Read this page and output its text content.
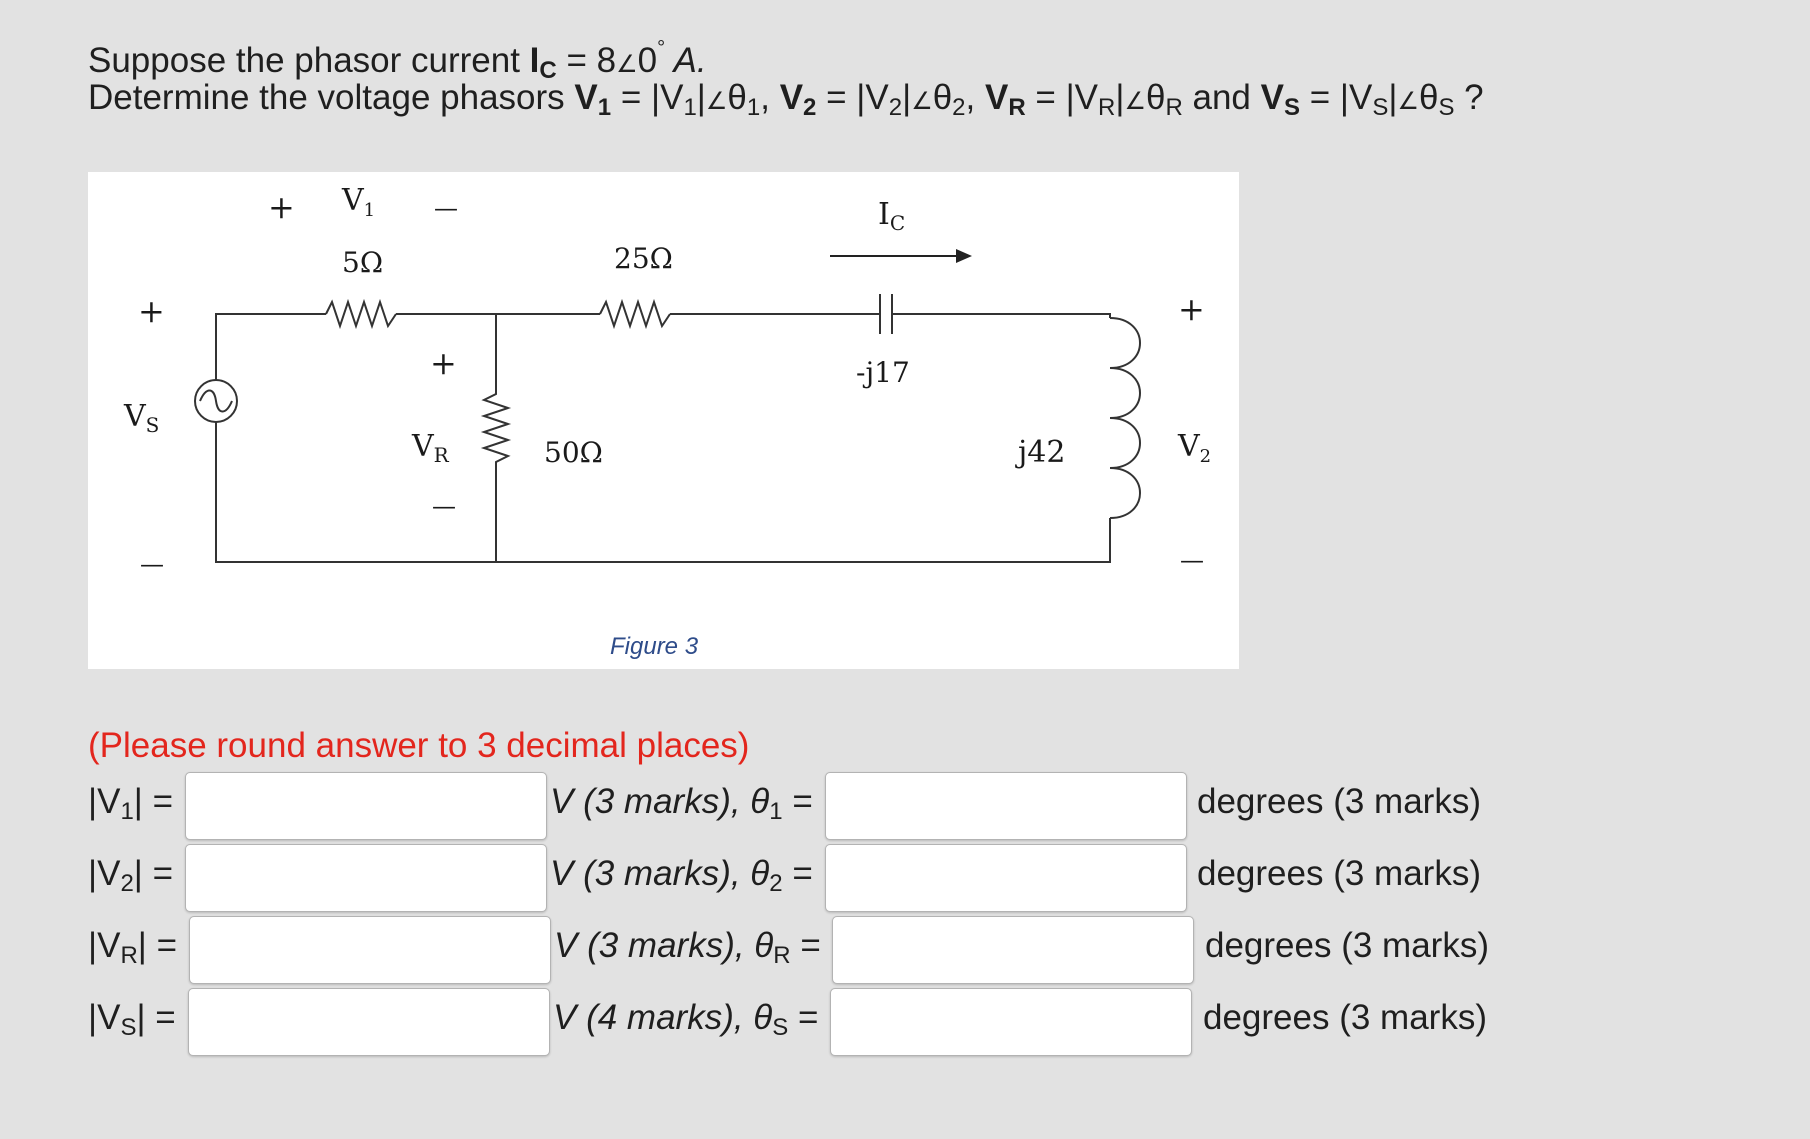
Suppose the phasor current $I_C$ = 8∠0° A.
Determine the voltage phasors $V_1$ = $|V_1|\angle\theta_1$, $V_2$ = $|V_2|\angle\theta_2$, $V_R$ = $|V_R|\angle\theta_R$ and $V_S$ = $|V_S|\angle\theta_S$ ?
+ $V_1$ —
5Ω	25Ω
$I_C$
-j17
+
$V_S$
—
+
$V_R$
—
50Ω	j42
+
$V_2$
—
Figure 3
(Please round answer to 3 decimal places)
$|V_1|$ =	V (3 marks), $\theta_1$ =	degrees (3 marks)
$|V_2|$ =	V (3 marks), $\theta_2$ =	degrees (3 marks)
$|V_R|$ =	V (3 marks), $\theta_R$ =	degrees (3 marks)
$|V_S|$ =	V (4 marks), $\theta_S$ =	degrees (3 marks)
